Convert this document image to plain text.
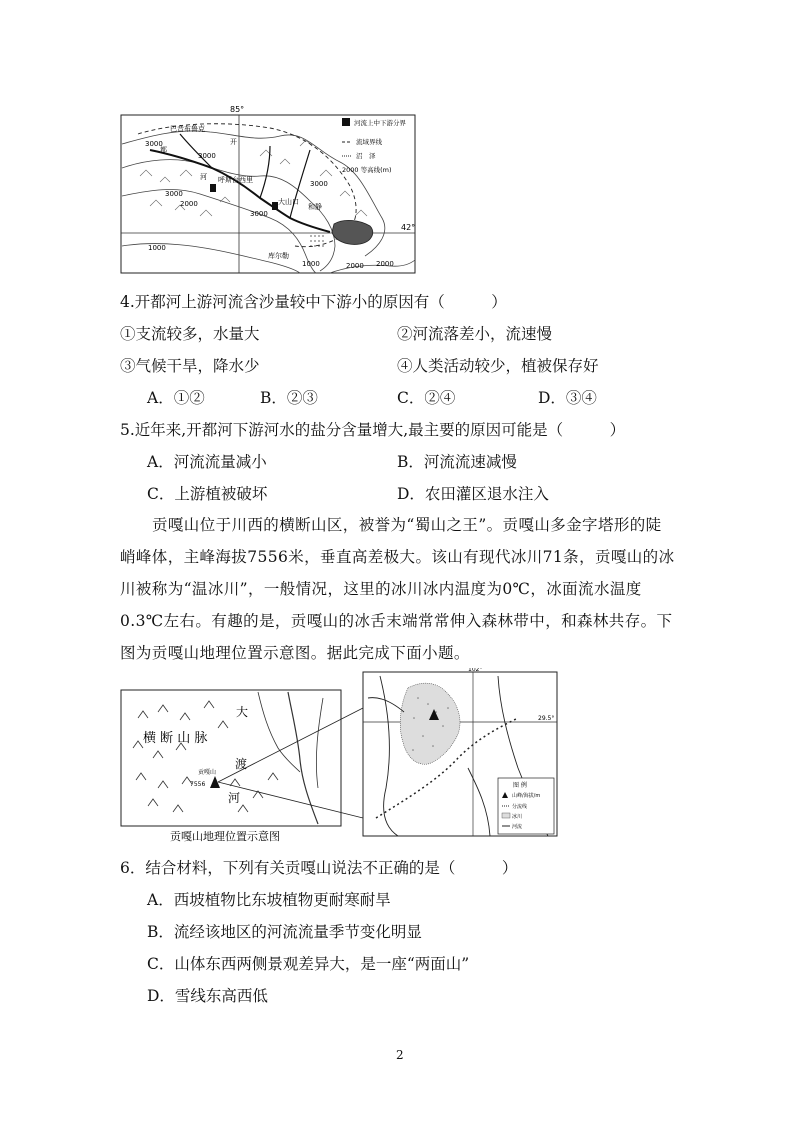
85°
42°
巴音布鲁克
开
都
河 呼斯台西里
大山口
和静
库尔勒
3000
3000
3000
3000
2000
3000
1000
1000	2000 2000
河流上中下游分界
流域界线
沼　泽
2000 等高线(m)
4.开都河上游河流含沙量较中下游小的原因有（　　　）
①支流较多，水量大	②河流落差小，流速慢
③气候干旱，降水少	④人类活动较少，植被保存好
A．①②	B．②③	C．②④	D．③④
5.近年来,开都河下游河水的盐分含量增大,最主要的原因可能是（　　　）
A．河流流量减小	B．河流流速减慢
C．上游植被破坏	D．农田灌区退水注入
贡嘎山位于川西的横断山区，被誉为“蜀山之王”。贡嘎山多金字塔形的陡
峭峰体，主峰海拔7556米，垂直高差极大。该山有现代冰川71条，贡嘎山的冰
川被称为“温冰川”，一般情况，这里的冰川冰内温度为0℃，冰面流水温度
0.3℃左右。有趣的是，贡嘎山的冰舌末端常常伸入森林带中，和森林共存。下
图为贡嘎山地理位置示意图。据此完成下面小题。
大
横 断 山 脉
渡
河
贡嘎山
7556
贡嘎山地理位置示意图
102°
29.5°
图 例
山峰/海拔/m
分流线
冰川
河流
6．结合材料，下列有关贡嘎山说法不正确的是（　　　）
A．西坡植物比东坡植物更耐寒耐旱
B．流经该地区的河流流量季节变化明显
C．山体东西两侧景观差异大，是一座“两面山”
D．雪线东高西低
2
